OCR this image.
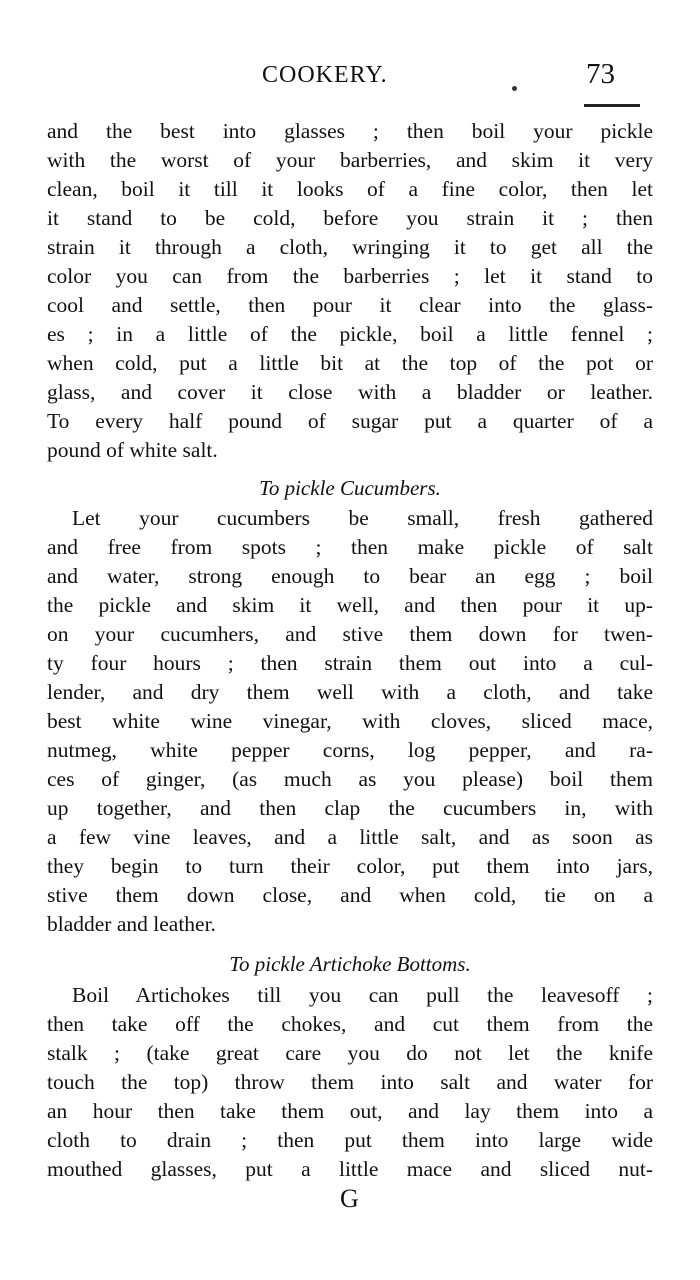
COOKERY.	73
and the best into glasses ; then boil your pickle
with the worst of your barberries, and skim it very
clean, boil it till it looks of a fine color, then let
it stand to be cold, before you strain it ; then
strain it through a cloth, wringing it to get all the
color you can from the barberries ; let it stand to
cool and settle, then pour it clear into the glass-
es ; in a little of the pickle, boil a little fennel ;
when cold, put a little bit at the top of the pot or
glass, and cover it close with a bladder or leather.
To every half pound of sugar put a quarter of a
pound of white salt.
To pickle Cucumbers.
Let your cucumbers be small, fresh gathered
and free from spots ; then make pickle of salt
and water, strong enough to bear an egg ; boil
the pickle and skim it well, and then pour it up-
on your cucumhers, and stive them down for twen-
ty four hours ; then strain them out into a cul-
lender, and dry them well with a cloth, and take
best white wine vinegar, with cloves, sliced mace,
nutmeg, white pepper corns, log pepper, and ra-
ces of ginger, (as much as you please) boil them
up together, and then clap the cucumbers in, with
a few vine leaves, and a little salt, and as soon as
they begin to turn their color, put them into jars,
stive them down close, and when cold, tie on a
bladder and leather.
To pickle Artichoke Bottoms.
Boil Artichokes till you can pull the leavesoff ;
then take off the chokes, and cut them from the
stalk ; (take great care you do not let the knife
touch the top) throw them into salt and water for
an hour then take them out, and lay them into a
cloth to drain ; then put them into large wide
mouthed glasses, put a little mace and sliced nut-
G
